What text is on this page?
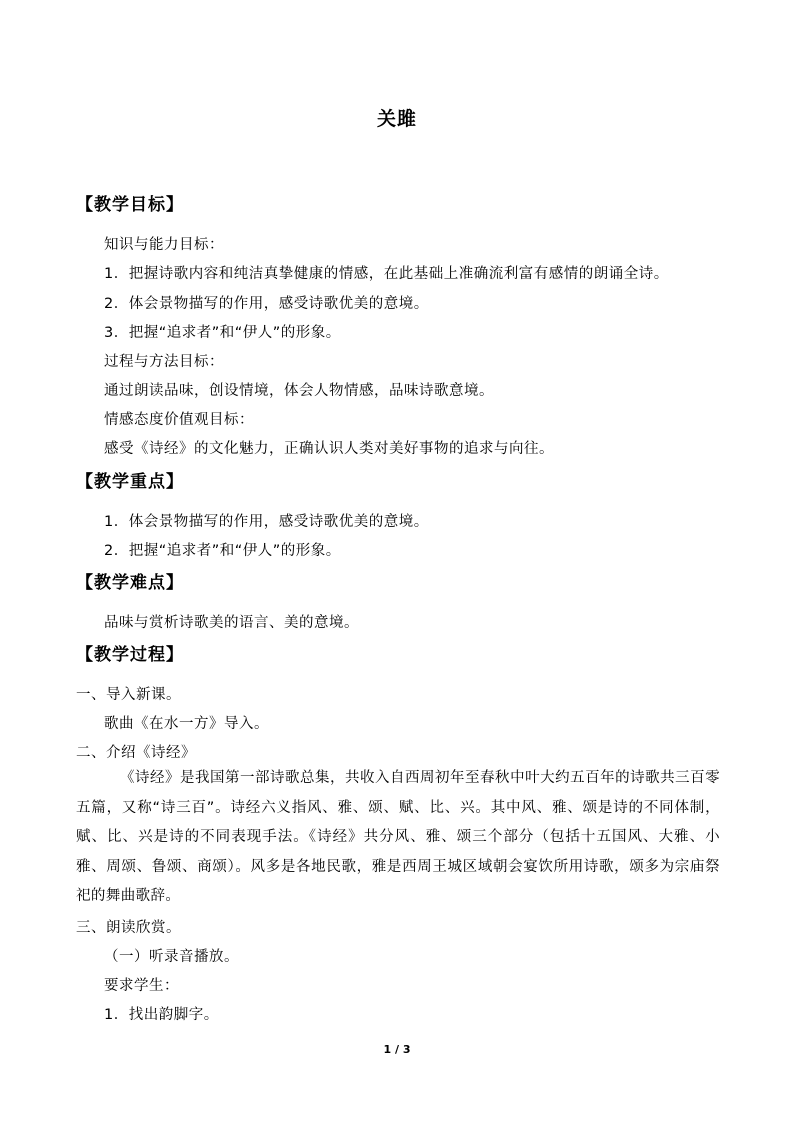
关雎
【教学目标】
知识与能力目标：
1．把握诗歌内容和纯洁真挚健康的情感，在此基础上准确流利富有感情的朗诵全诗。
2．体会景物描写的作用，感受诗歌优美的意境。
3．把握“追求者”和“伊人”的形象。
过程与方法目标：
通过朗读品味，创设情境，体会人物情感，品味诗歌意境。
情感态度价值观目标：
感受《诗经》的文化魅力，正确认识人类对美好事物的追求与向往。
【教学重点】
1．体会景物描写的作用，感受诗歌优美的意境。
2．把握“追求者”和“伊人”的形象。
【教学难点】
品味与赏析诗歌美的语言、美的意境。
【教学过程】
一、导入新课。
歌曲《在水一方》导入。
二、介绍《诗经》
《诗经》是我国第一部诗歌总集，共收入自西周初年至春秋中叶大约五百年的诗歌共三百零五篇，又称“诗三百”。诗经六义指风、雅、颂、赋、比、兴。其中风、雅、颂是诗的不同体制，赋、比、兴是诗的不同表现手法。《诗经》共分风、雅、颂三个部分（包括十五国风、大雅、小雅、周颂、鲁颂、商颂）。风多是各地民歌，雅是西周王城区域朝会宴饮所用诗歌，颂多为宗庙祭祀的舞曲歌辞。
三、朗读欣赏。
（一）听录音播放。
要求学生：
1．找出韵脚字。
1 / 3
